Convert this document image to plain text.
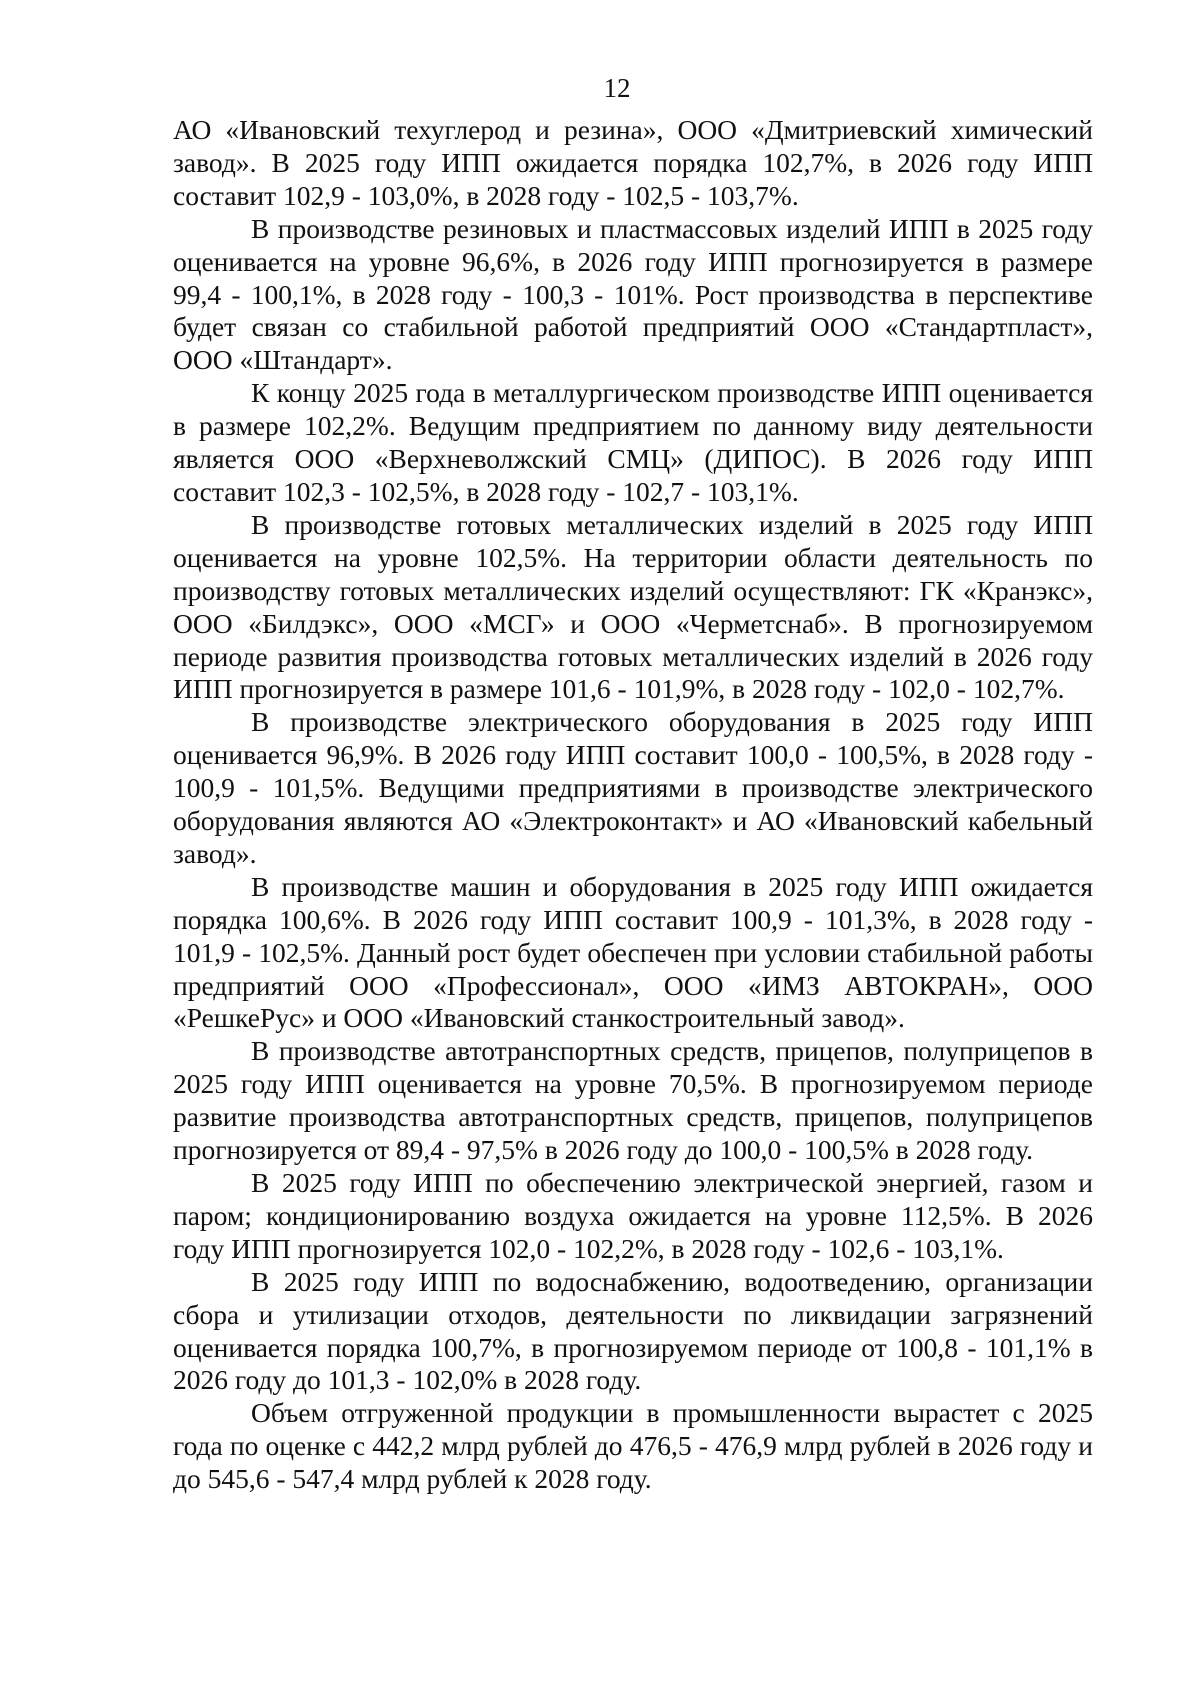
12

АО «Ивановский техуглерод и резина», ООО «Дмитриевский химический завод». В 2025 году ИПП ожидается порядка 102,7%, в 2026 году ИПП составит 102,9 - 103,0%, в 2028 году - 102,5 - 103,7%.

В производстве резиновых и пластмассовых изделий ИПП в 2025 году оценивается на уровне 96,6%, в 2026 году ИПП прогнозируется в размере 99,4 - 100,1%, в 2028 году - 100,3 - 101%. Рост производства в перспективе будет связан со стабильной работой предприятий ООО «Стандартпласт», ООО «Штандарт».

К концу 2025 года в металлургическом производстве ИПП оценивается в размере 102,2%. Ведущим предприятием по данному виду деятельности является ООО «Верхневолжский СМЦ» (ДИПОС). В 2026 году ИПП составит 102,3 - 102,5%, в 2028 году - 102,7 - 103,1%.

В производстве готовых металлических изделий в 2025 году ИПП оценивается на уровне 102,5%. На территории области деятельность по производству готовых металлических изделий осуществляют: ГК «Кранэкс», ООО «Билдэкс», ООО «МСГ» и ООО «Черметснаб». В прогнозируемом периоде развития производства готовых металлических изделий в 2026 году ИПП прогнозируется в размере 101,6 - 101,9%, в 2028 году - 102,0 - 102,7%.

В производстве электрического оборудования в 2025 году ИПП оценивается 96,9%. В 2026 году ИПП составит 100,0 - 100,5%, в 2028 году - 100,9 - 101,5%. Ведущими предприятиями в производстве электрического оборудования являются АО «Электроконтакт» и АО «Ивановский кабельный завод».

В производстве машин и оборудования в 2025 году ИПП ожидается порядка 100,6%. В 2026 году ИПП составит 100,9 - 101,3%, в 2028 году - 101,9 - 102,5%. Данный рост будет обеспечен при условии стабильной работы предприятий ООО «Профессионал», ООО «ИМЗ АВТОКРАН», ООО «РешкеРус» и ООО «Ивановский станкостроительный завод».

В производстве автотранспортных средств, прицепов, полуприцепов в 2025 году ИПП оценивается на уровне 70,5%. В прогнозируемом периоде развитие производства автотранспортных средств, прицепов, полуприцепов прогнозируется от 89,4 - 97,5% в 2026 году до 100,0 - 100,5% в 2028 году.

В 2025 году ИПП по обеспечению электрической энергией, газом и паром; кондиционированию воздуха ожидается на уровне 112,5%. В 2026 году ИПП прогнозируется 102,0 - 102,2%, в 2028 году - 102,6 - 103,1%.

В 2025 году ИПП по водоснабжению, водоотведению, организации сбора и утилизации отходов, деятельности по ликвидации загрязнений оценивается порядка 100,7%, в прогнозируемом периоде от 100,8 - 101,1% в 2026 году до 101,3 - 102,0% в 2028 году.

Объем отгруженной продукции в промышленности вырастет с 2025 года по оценке с 442,2 млрд рублей до 476,5 - 476,9 млрд рублей в 2026 году и до 545,6 - 547,4 млрд рублей к 2028 году.
